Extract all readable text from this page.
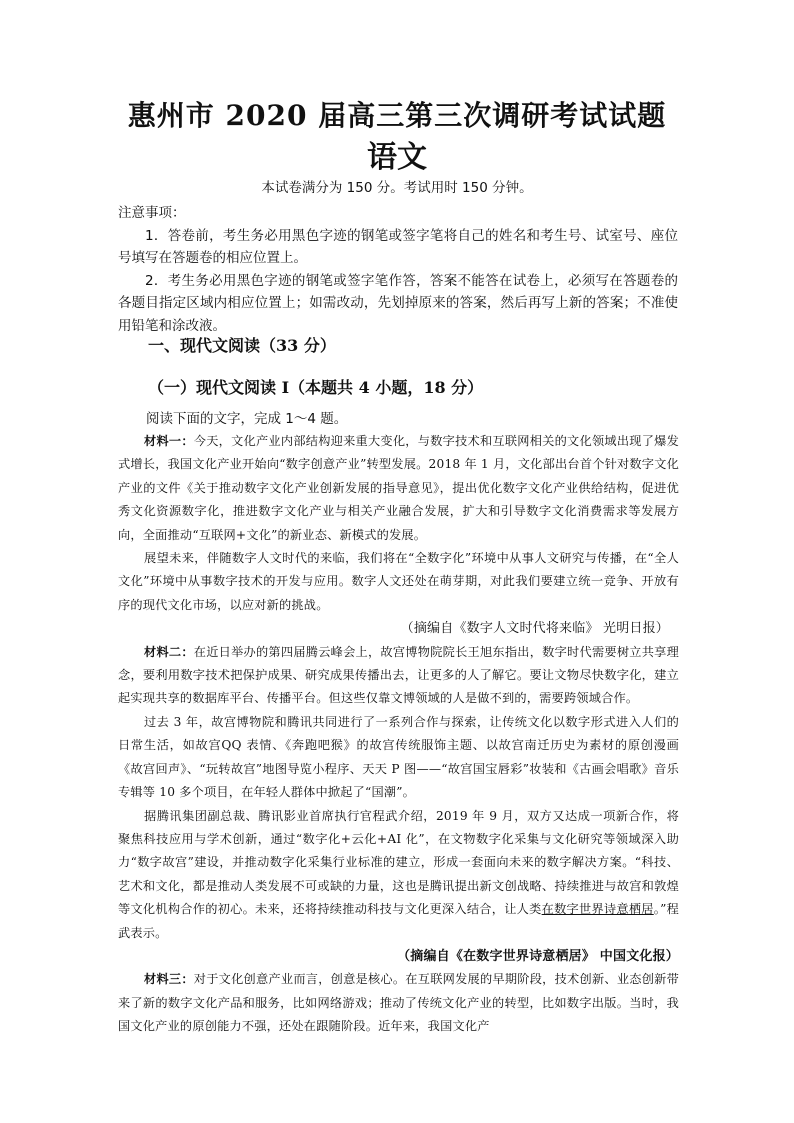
惠州市 2020 届高三第三次调研考试试题
语文
本试卷满分为 150 分。考试用时 150 分钟。

注意事项：

1．答卷前，考生务必用黑色字迹的钢笔或签字笔将自己的姓名和考生号、试室号、座位号填写在答题卷的相应位置上。

2．考生务必用黑色字迹的钢笔或签字笔作答，答案不能答在试卷上，必须写在答题卷的各题目指定区域内相应位置上；如需改动，先划掉原来的答案，然后再写上新的答案；不准使用铅笔和涂改液。

一、现代文阅读（33 分）
（一）现代文阅读 I（本题共 4 小题，18 分）
阅读下面的文字，完成 1～4 题。

材料一：今天，文化产业内部结构迎来重大变化，与数字技术和互联网相关的文化领域出现了爆发式增长，我国文化产业开始向“数字创意产业”转型发展。2018 年 1 月，文化部出台首个针对数字文化产业的文件《关于推动数字文化产业创新发展的指导意见》，提出优化数字文化产业供给结构，促进优秀文化资源数字化，推进数字文化产业与相关产业融合发展，扩大和引导数字文化消费需求等发展方向，全面推动“互联网+文化”的新业态、新模式的发展。

展望未来，伴随数字人文时代的来临，我们将在“全数字化”环境中从事人文研究与传播，在“全人文化”环境中从事数字技术的开发与应用。数字人文还处在萌芽期，对此我们要建立统一竞争、开放有序的现代文化市场，以应对新的挑战。

（摘编自《数字人文时代将来临》 光明日报）

材料二：在近日举办的第四届腾云峰会上，故宫博物院院长王旭东指出，数字时代需要树立共享理念，要利用数字技术把保护成果、研究成果传播出去，让更多的人了解它。要让文物尽快数字化，建立起实现共享的数据库平台、传播平台。但这些仅靠文博领域的人是做不到的，需要跨领域合作。

过去 3 年，故宫博物院和腾讯共同进行了一系列合作与探索，让传统文化以数字形式进入人们的日常生活，如故宫QQ 表情、《奔跑吧猴》的故宫传统服饰主题、以故宫南迁历史为素材的原创漫画《故宫回声》、“玩转故宫”地图导览小程序、天天 P 图——“故宫国宝唇彩”妆装和《古画会唱歌》音乐专辑等 10 多个项目，在年轻人群体中掀起了“国潮”。

据腾讯集团副总裁、腾讯影业首席执行官程武介绍，2019 年 9 月，双方又达成一项新合作，将聚焦科技应用与学术创新，通过“数字化+云化+AI 化”，在文物数字化采集与文化研究等领域深入助力“数字故宫”建设，并推动数字化采集行业标准的建立，形成一套面向未来的数字解决方案。“科技、艺术和文化，都是推动人类发展不可或缺的力量，这也是腾讯提出新文创战略、持续推进与故宫和敦煌等文化机构合作的初心。未来，还将持续推动科技与文化更深入结合，让人类在数字世界诗意栖居。”程武表示。

（摘编自《在数字世界诗意栖居》 中国文化报）

材料三：对于文化创意产业而言，创意是核心。在互联网发展的早期阶段，技术创新、业态创新带来了新的数字文化产品和服务，比如网络游戏；推动了传统文化产业的转型，比如数字出版。当时，我国文化产业的原创能力不强，还处在跟随阶段。近年来，我国文化产
